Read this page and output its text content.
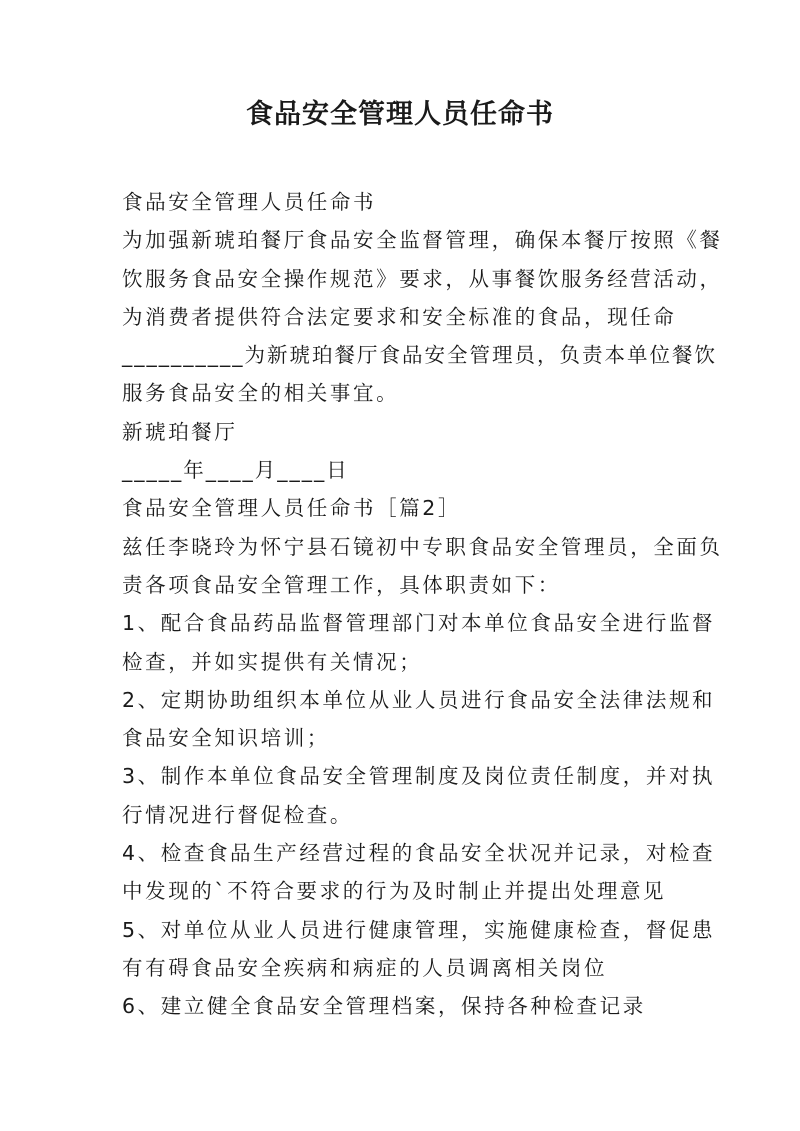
食品安全管理人员任命书
食品安全管理人员任命书
为加强新琥珀餐厅食品安全监督管理，确保本餐厅按照《餐
饮服务食品安全操作规范》要求，从事餐饮服务经营活动，
为消费者提供符合法定要求和安全标准的食品，现任命
__________为新琥珀餐厅食品安全管理员，负责本单位餐饮
服务食品安全的相关事宜。
新琥珀餐厅
_____年____月____日
食品安全管理人员任命书［篇2］
兹任李晓玲为怀宁县石镜初中专职食品安全管理员，全面负
责各项食品安全管理工作，具体职责如下：
1、配合食品药品监督管理部门对本单位食品安全进行监督
检查，并如实提供有关情况；
2、定期协助组织本单位从业人员进行食品安全法律法规和
食品安全知识培训；
3、制作本单位食品安全管理制度及岗位责任制度，并对执
行情况进行督促检查。
4、检查食品生产经营过程的食品安全状况并记录，对检查
中发现的`不符合要求的行为及时制止并提出处理意见
5、对单位从业人员进行健康管理，实施健康检查，督促患
有有碍食品安全疾病和病症的人员调离相关岗位
6、建立健全食品安全管理档案，保持各种检查记录
